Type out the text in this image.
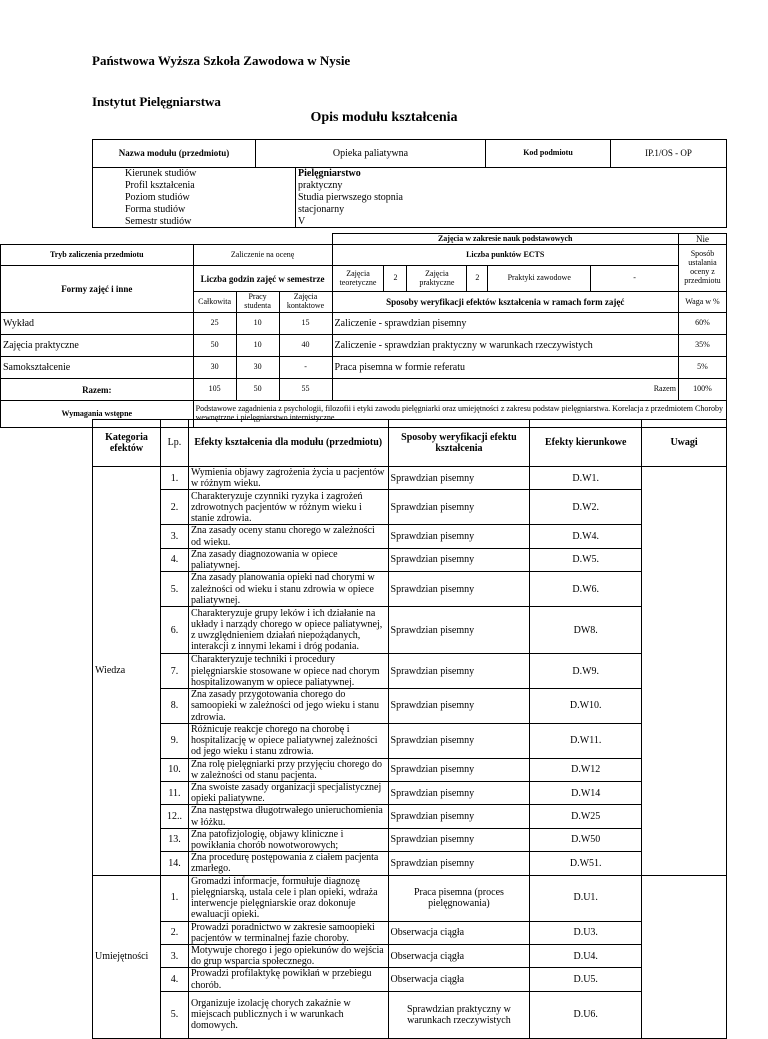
Państwowa Wyższa Szkoła Zawodowa w Nysie
Instytut Pielęgniarstwa
Opis modułu kształcenia
Nazwa modułu (przedmiotu)	Opieka paliatywna	Kod podmiotu	IP.1/OS - OP
Kierunek studiów	Pielęgniarstwo
Profil kształcenia	praktyczny
Poziom studiów	Studia pierwszego stopnia
Forma studiów	stacjonarny
Semestr studiów	V
				Zajęcia w zakresie nauk podstawowych						Nie
Tryb zaliczenia przedmiotu	Zaliczenie na ocenę			Liczba punktów ECTS						Sposób ustalania oceny z przedmiotu
Formy zajęć i inne	Liczba godzin zajęć w semestrze			Zajęcia teoretyczne	2	Zajęcia praktyczne	2	Praktyki zawodowe	-	
	Całkowita	Pracy studenta	Zajęcia kontaktowe	Sposoby weryfikacji efektów kształcenia w ramach form zajęć						Waga w %
Wykład	25	10	15	Zaliczenie - sprawdzian pisemny						60%
Zajęcia praktyczne	50	10	40	Zaliczenie - sprawdzian praktyczny w warunkach rzeczywistych						35%
Samokształcenie	30	30	-	Praca pisemna w formie referatu						5%
Razem:	105	50	55						Razem	100%
Wymagania wstępne	Podstawowe zagadnienia z psychologii, filozofii i etyki zawodu pielęgniarki oraz umiejętności z zakresu podstaw pielęgniarstwa. Korelacja z przedmiotem Choroby wewnętrzne i pielęgniarstwo internistyczne.									
Kategoria efektów	Lp.	Efekty kształcenia dla modułu (przedmiotu)	Sposoby weryfikacji efektu kształcenia	Efekty kierunkowe	Uwagi
Wiedza	1.	Wymienia objawy zagrożenia życia u pacjentów w różnym wieku.	Sprawdzian pisemny	D.W1.	
	2.	Charakteryzuje czynniki ryzyka i zagrożeń zdrowotnych pacjentów w różnym wieku i stanie zdrowia.	Sprawdzian pisemny	D.W2.	
	3.	Zna zasady oceny stanu chorego w zależności od wieku.	Sprawdzian pisemny	D.W4.	
	4.	Zna zasady diagnozowania w opiece paliatywnej.	Sprawdzian pisemny	D.W5.	
	5.	Zna zasady planowania opieki nad chorymi w zależności od wieku i stanu zdrowia w opiece paliatywnej.	Sprawdzian pisemny	D.W6.	
	6.	Charakteryzuje grupy leków i ich działanie na układy i narządy chorego w opiece paliatywnej, z uwzględnieniem działań niepożądanych, interakcji z innymi lekami i dróg podania.	Sprawdzian pisemny	DW8.	
	7.	Charakteryzuje techniki i procedury pielęgniarskie stosowane w opiece nad chorym hospitalizowanym w opiece paliatywnej.	Sprawdzian pisemny	D.W9.	
	8.	Zna zasady przygotowania chorego do samoopieki w zależności od jego wieku i stanu zdrowia.	Sprawdzian pisemny	D.W10.	
	9.	Różnicuje reakcje chorego na chorobę i hospitalizację w opiece paliatywnej zależności od jego wieku i stanu zdrowia.	Sprawdzian pisemny	D.W11.	
	10.	Zna rolę pielęgniarki przy przyjęciu chorego do w zależności od stanu pacjenta.	Sprawdzian pisemny	D.W12	
	11.	Zna swoiste zasady organizacji specjalistycznej opieki paliatywne.	Sprawdzian pisemny	D.W14	
	12..	Zna następstwa długotrwałego unieruchomienia w łóżku.	Sprawdzian pisemny	D.W25	
	13.	Zna patofizjologię, objawy kliniczne i powikłania chorób nowotworowych;	Sprawdzian pisemny	D.W50	
	14.	Zna procedurę postępowania z ciałem pacjenta zmarłego.	Sprawdzian pisemny	D.W51.	
Umiejętności	1.	Gromadzi informacje, formułuje diagnozę pielęgniarską, ustala cele i plan opieki, wdraża interwencje pielęgniarskie oraz dokonuje ewaluacji opieki.	Praca pisemna (proces pielęgnowania)	D.U1.	
	2.	Prowadzi poradnictwo w zakresie samoopieki pacjentów w terminalnej fazie choroby.	Obserwacja ciągła	D.U3.	
	3.	Motywuje chorego i jego opiekunów do wejścia do grup wsparcia społecznego.	Obserwacja ciągła	D.U4.	
	4.	Prowadzi profilaktykę powikłań w przebiegu chorób.	Obserwacja ciągła	D.U5.	
	5.	Organizuje izolację chorych zakaźnie w miejscach publicznych i w warunkach domowych.	Sprawdzian praktyczny w warunkach rzeczywistych	D.U6.	
